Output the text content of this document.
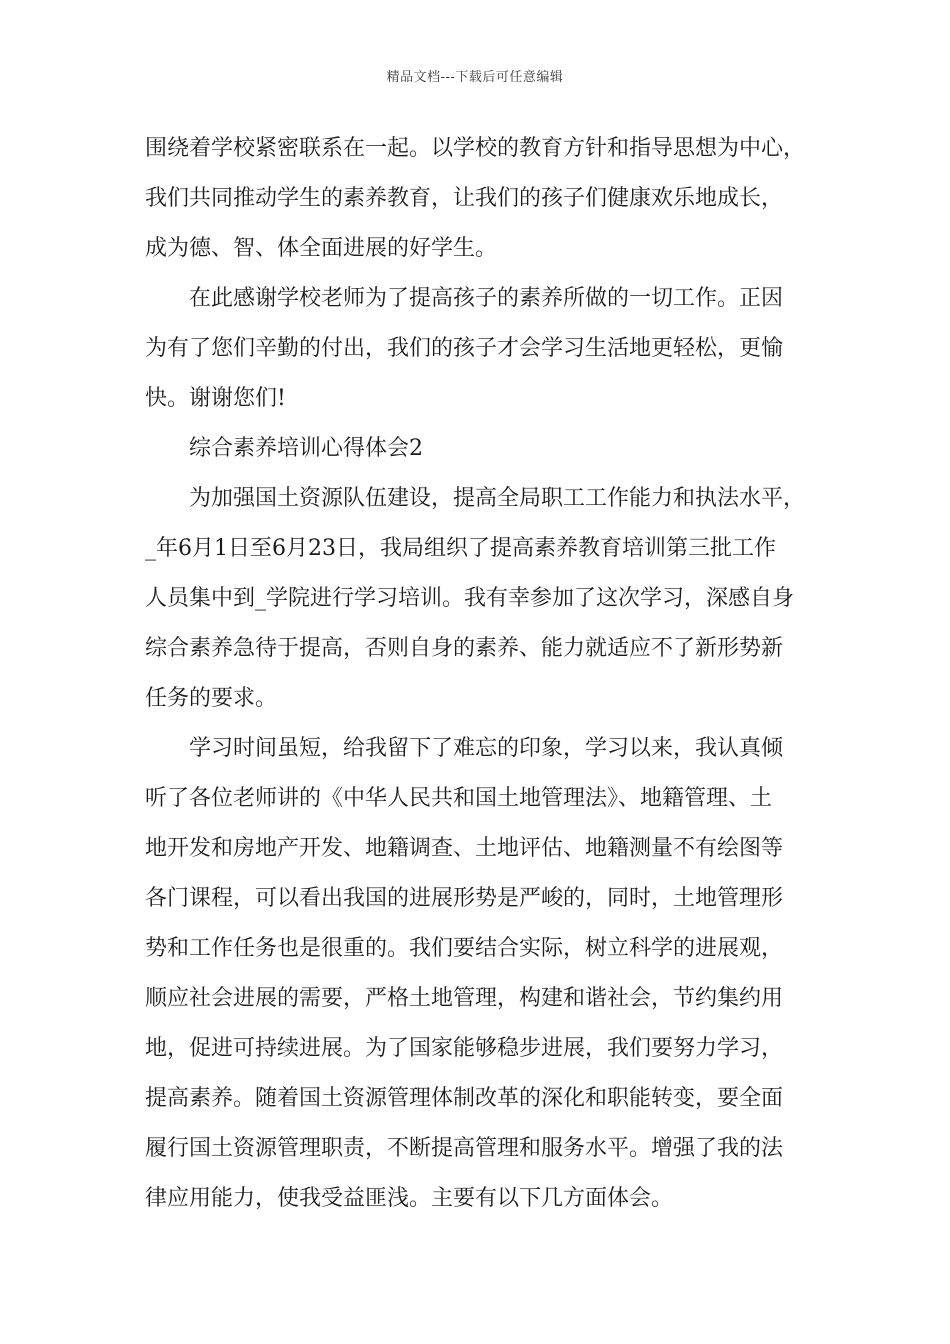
精品文档---下载后可任意编辑
围绕着学校紧密联系在一起。以学校的教育方针和指导思想为中心，
我们共同推动学生的素养教育，让我们的孩子们健康欢乐地成长，
成为德、智、体全面进展的好学生。
在此感谢学校老师为了提高孩子的素养所做的一切工作。正因
为有了您们辛勤的付出，我们的孩子才会学习生活地更轻松，更愉
快。谢谢您们!
综合素养培训心得体会2
为加强国土资源队伍建设，提高全局职工工作能力和执法水平，
_年6月1日至6月23日，我局组织了提高素养教育培训第三批工作
人员集中到_学院进行学习培训。我有幸参加了这次学习，深感自身
综合素养急待于提高，否则自身的素养、能力就适应不了新形势新
任务的要求。
学习时间虽短，给我留下了难忘的印象，学习以来，我认真倾
听了各位老师讲的《中华人民共和国土地管理法》、地籍管理、土
地开发和房地产开发、地籍调查、土地评估、地籍测量不有绘图等
各门课程，可以看出我国的进展形势是严峻的，同时，土地管理形
势和工作任务也是很重的。我们要结合实际，树立科学的进展观，
顺应社会进展的需要，严格土地管理，构建和谐社会，节约集约用
地，促进可持续进展。为了国家能够稳步进展，我们要努力学习，
提高素养。随着国土资源管理体制改革的深化和职能转变，要全面
履行国土资源管理职责，不断提高管理和服务水平。增强了我的法
律应用能力，使我受益匪浅。主要有以下几方面体会。
